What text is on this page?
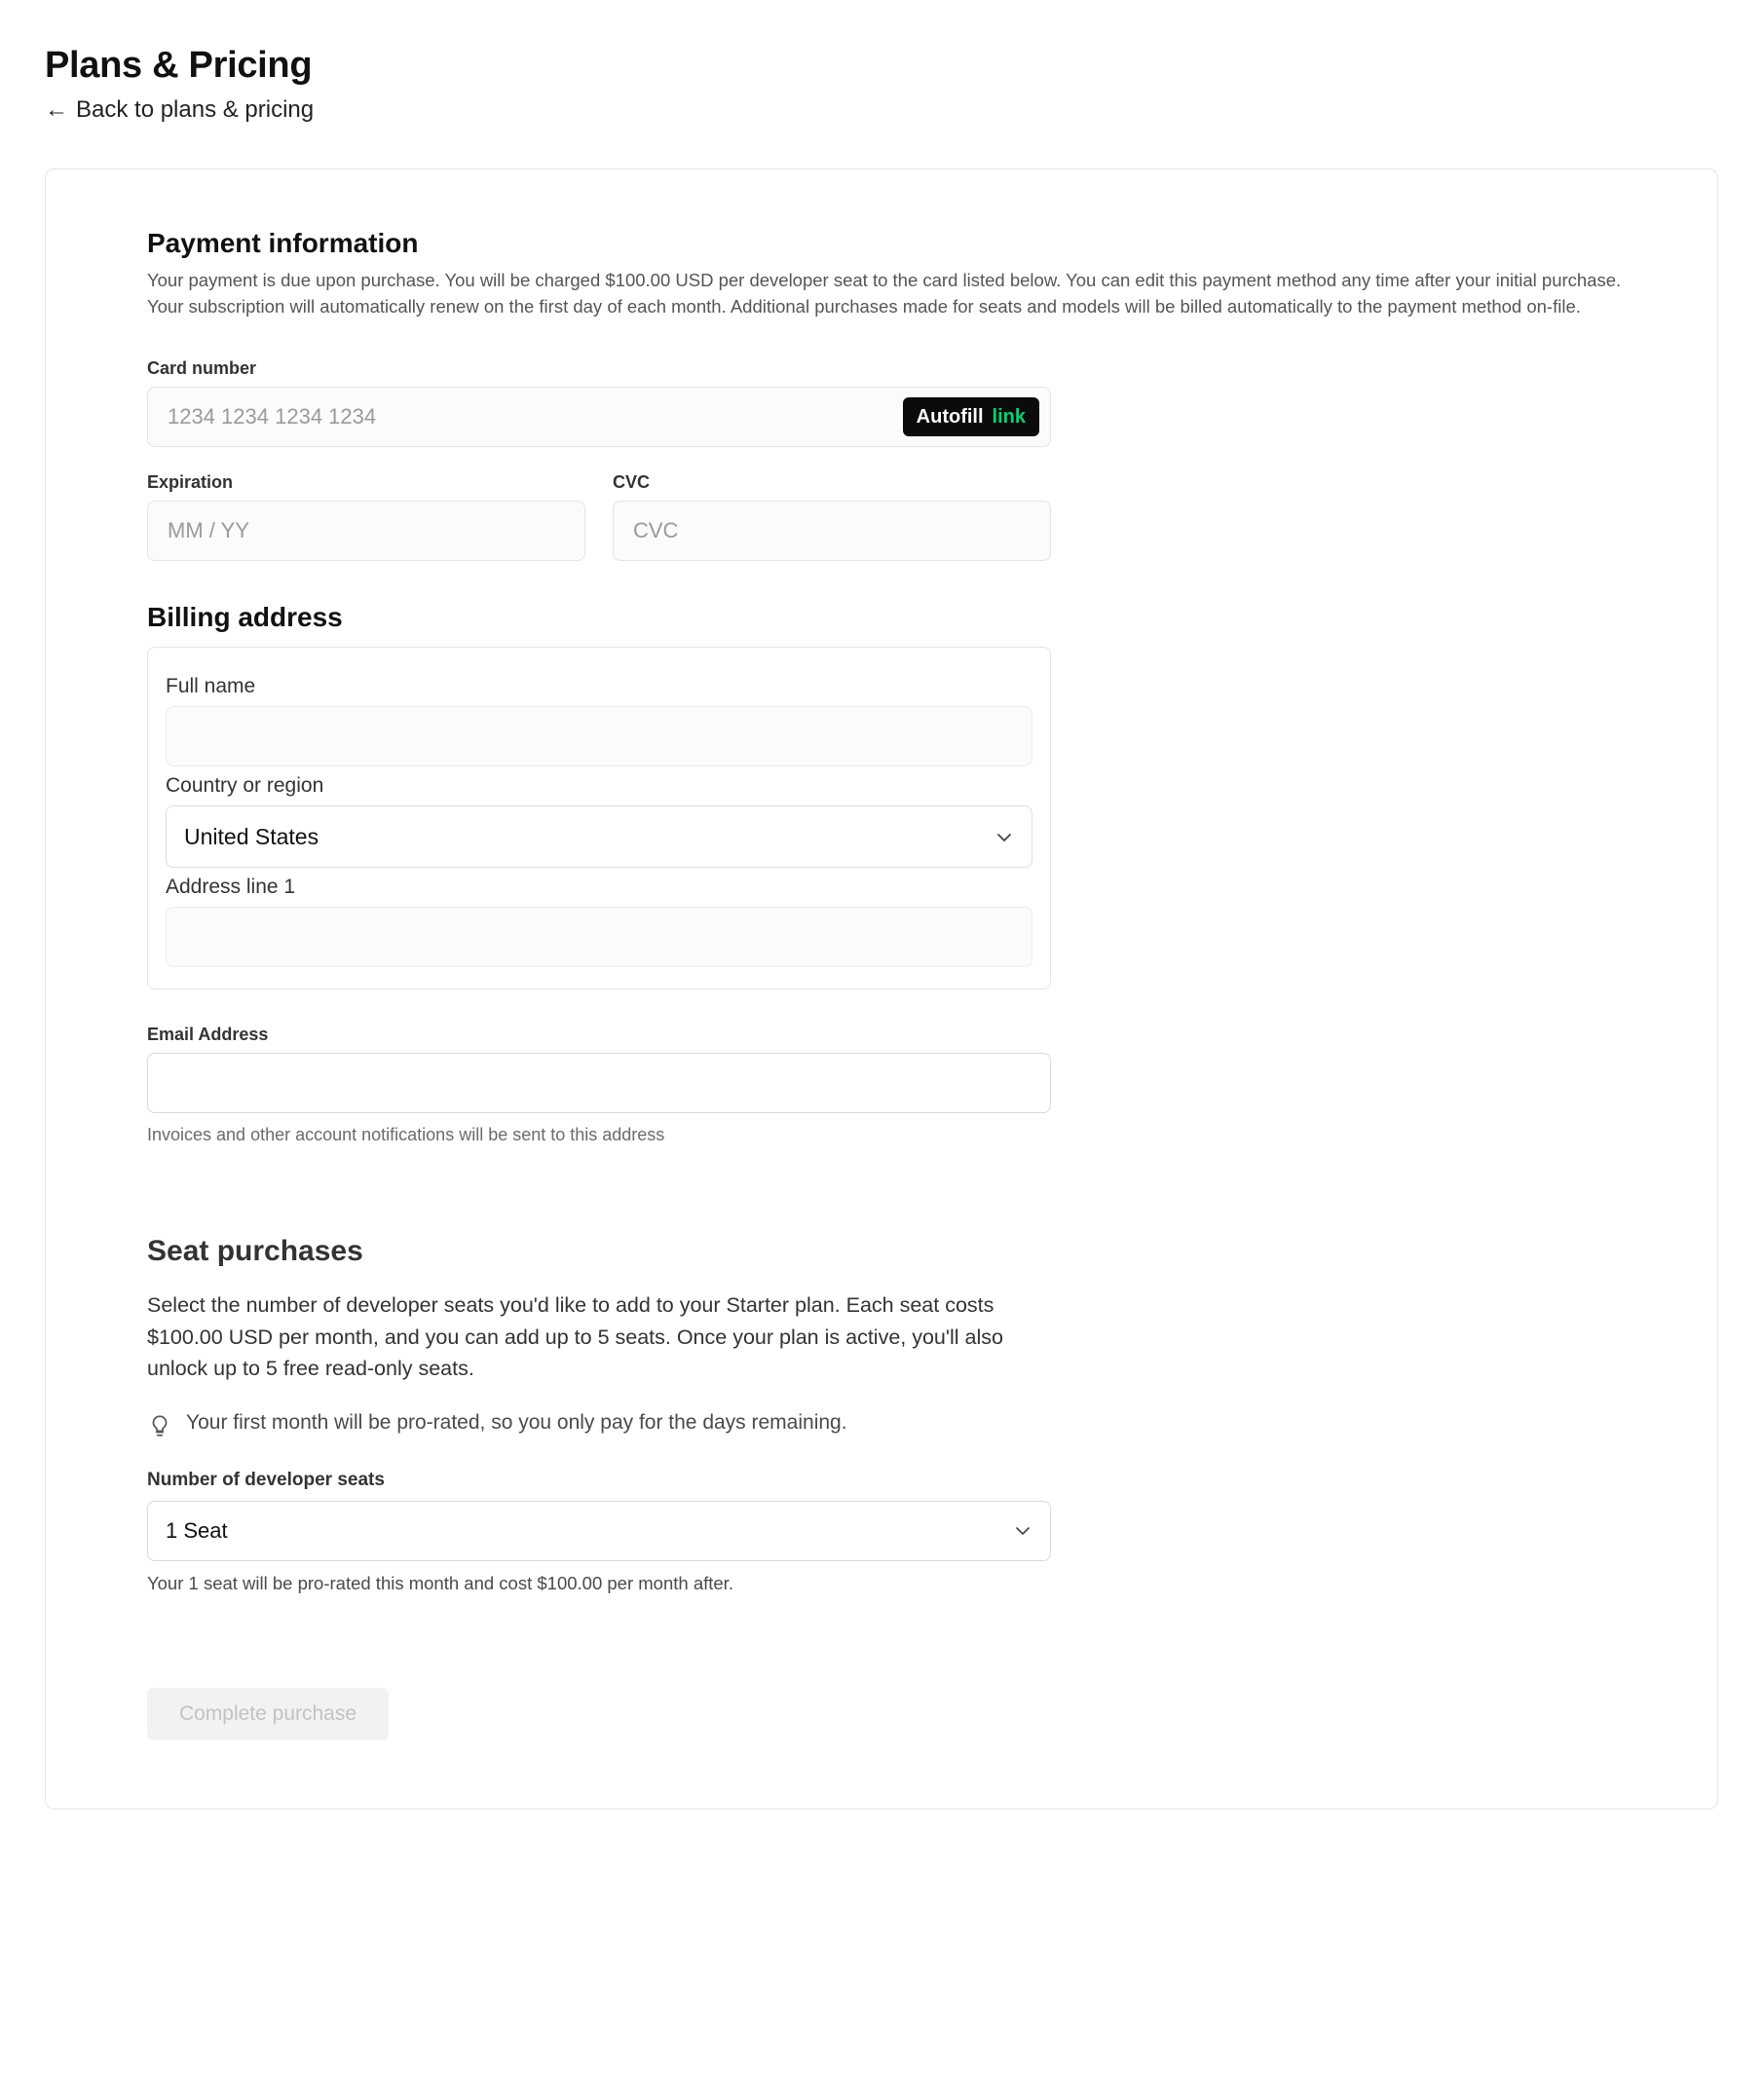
Plans & Pricing
← Back to plans & pricing
Payment information

Your payment is due upon purchase. You will be charged $100.00 USD per developer seat to the card listed below. You can edit this payment method any time after your initial purchase. Your subscription will automatically renew on the first day of each month. Additional purchases made for seats and models will be billed automatically to the payment method on-file.

Card number
1234 1234 1234 1234	Autofill link
Expiration
MM / YY
CVC
CVC
Billing address
Full name
Country or region
United States
Address line 1
Email Address
Invoices and other account notifications will be sent to this address
Seat purchases

Select the number of developer seats you'd like to add to your Starter plan. Each seat costs $100.00 USD per month, and you can add up to 5 seats. Once your plan is active, you'll also unlock up to 5 free read-only seats.

Your first month will be pro-rated, so you only pay for the days remaining.
Number of developer seats
1 Seat
Your 1 seat will be pro-rated this month and cost $100.00 per month after.
Complete purchase
